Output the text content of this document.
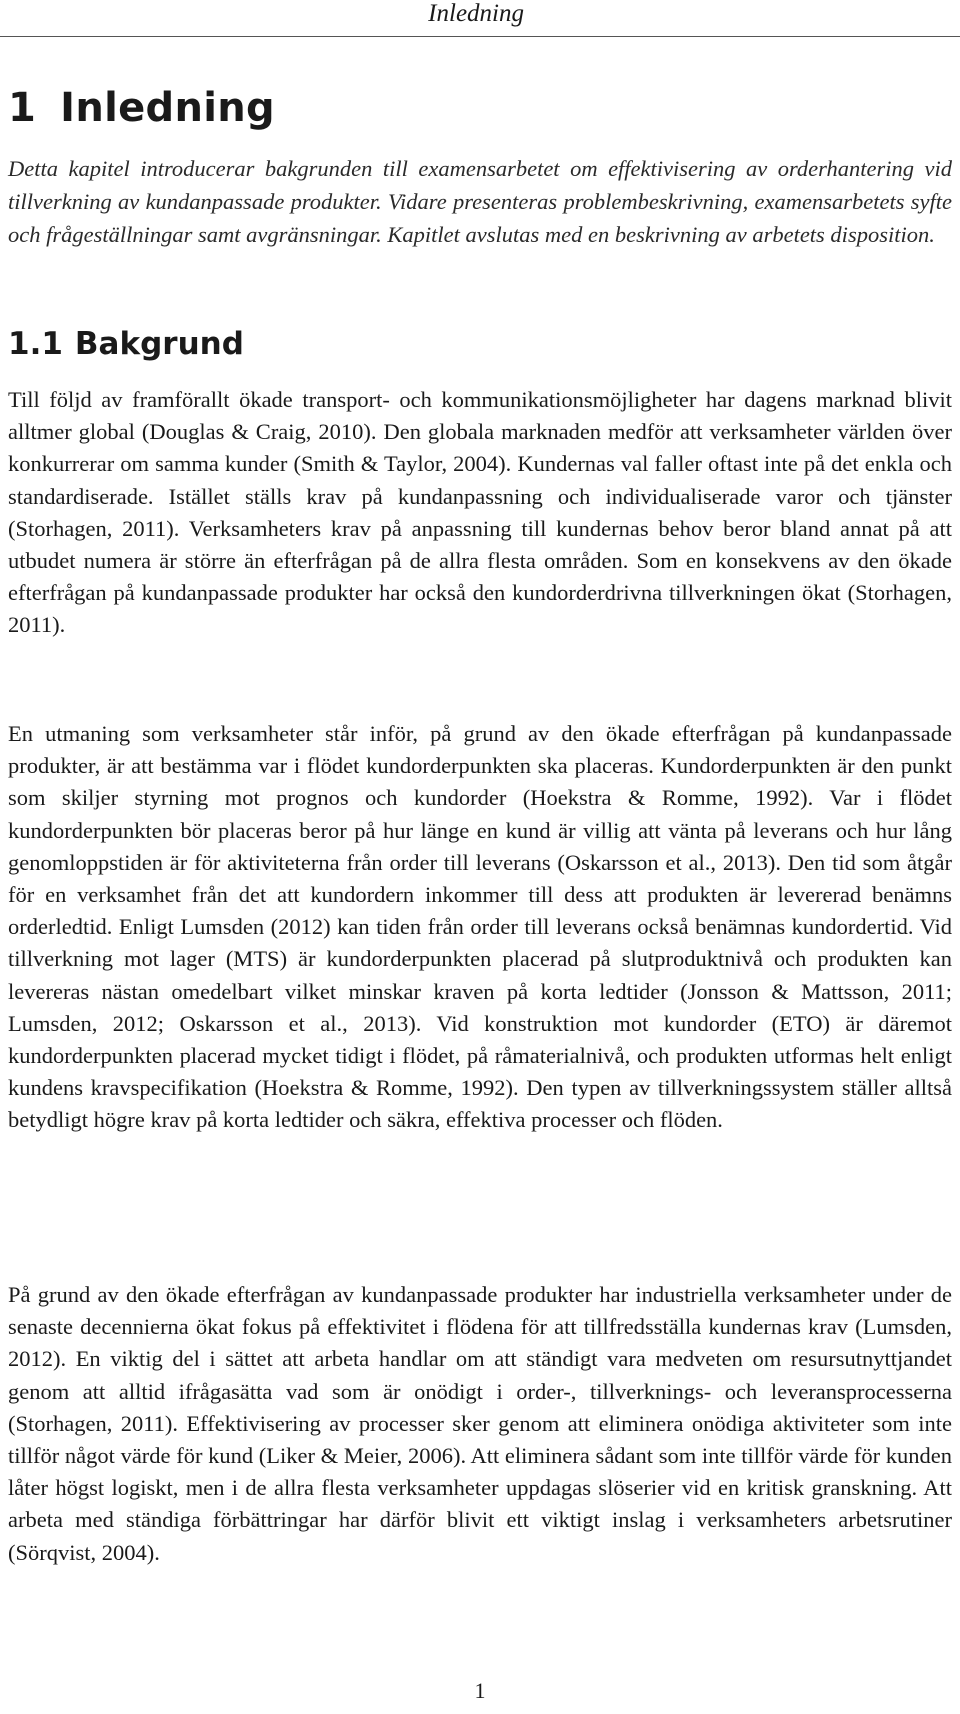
Inledning
1 Inledning

Detta kapitel introducerar bakgrunden till examensarbetet om effektivisering av orderhantering vid tillverkning av kundanpassade produkter. Vidare presenteras problembeskrivning, examensarbetets syfte och frågeställningar samt avgränsningar. Kapitlet avslutas med en beskrivning av arbetets disposition.

1.1 Bakgrund

Till följd av framförallt ökade transport- och kommunikationsmöjligheter har dagens marknad blivit alltmer global (Douglas & Craig, 2010). Den globala marknaden medför att verksamheter världen över konkurrerar om samma kunder (Smith & Taylor, 2004). Kundernas val faller oftast inte på det enkla och standardiserade. Istället ställs krav på kundanpassning och individualiserade varor och tjänster (Storhagen, 2011). Verksamheters krav på anpassning till kundernas behov beror bland annat på att utbudet numera är större än efterfrågan på de allra flesta områden. Som en konsekvens av den ökade efterfrågan på kundanpassade produkter har också den kundorderdrivna tillverkningen ökat (Storhagen, 2011).

En utmaning som verksamheter står inför, på grund av den ökade efterfrågan på kundanpassade produkter, är att bestämma var i flödet kundorderpunkten ska placeras. Kundorderpunkten är den punkt som skiljer styrning mot prognos och kundorder (Hoekstra & Romme, 1992). Var i flödet kundorderpunkten bör placeras beror på hur länge en kund är villig att vänta på leverans och hur lång genomloppstiden är för aktiviteterna från order till leverans (Oskarsson et al., 2013). Den tid som åtgår för en verksamhet från det att kundordern inkommer till dess att produkten är levererad benämns orderledtid. Enligt Lumsden (2012) kan tiden från order till leverans också benämnas kundordertid. Vid tillverkning mot lager (MTS) är kundorderpunkten placerad på slutproduktnivå och produkten kan levereras nästan omedelbart vilket minskar kraven på korta ledtider (Jonsson & Mattsson, 2011; Lumsden, 2012; Oskarsson et al., 2013). Vid konstruktion mot kundorder (ETO) är däremot kundorderpunkten placerad mycket tidigt i flödet, på råmaterialnivå, och produkten utformas helt enligt kundens kravspecifikation (Hoekstra & Romme, 1992). Den typen av tillverkningssystem ställer alltså betydligt högre krav på korta ledtider och säkra, effektiva processer och flöden.

På grund av den ökade efterfrågan av kundanpassade produkter har industriella verksamheter under de senaste decennierna ökat fokus på effektivitet i flödena för att tillfredsställa kundernas krav (Lumsden, 2012). En viktig del i sättet att arbeta handlar om att ständigt vara medveten om resursutnyttjandet genom att alltid ifrågasätta vad som är onödigt i order-, tillverknings- och leveransprocesserna (Storhagen, 2011). Effektivisering av processer sker genom att eliminera onödiga aktiviteter som inte tillför något värde för kund (Liker & Meier, 2006). Att eliminera sådant som inte tillför värde för kunden låter högst logiskt, men i de allra flesta verksamheter uppdagas slöserier vid en kritisk granskning. Att arbeta med ständiga förbättringar har därför blivit ett viktigt inslag i verksamheters arbetsrutiner (Sörqvist, 2004).

1
